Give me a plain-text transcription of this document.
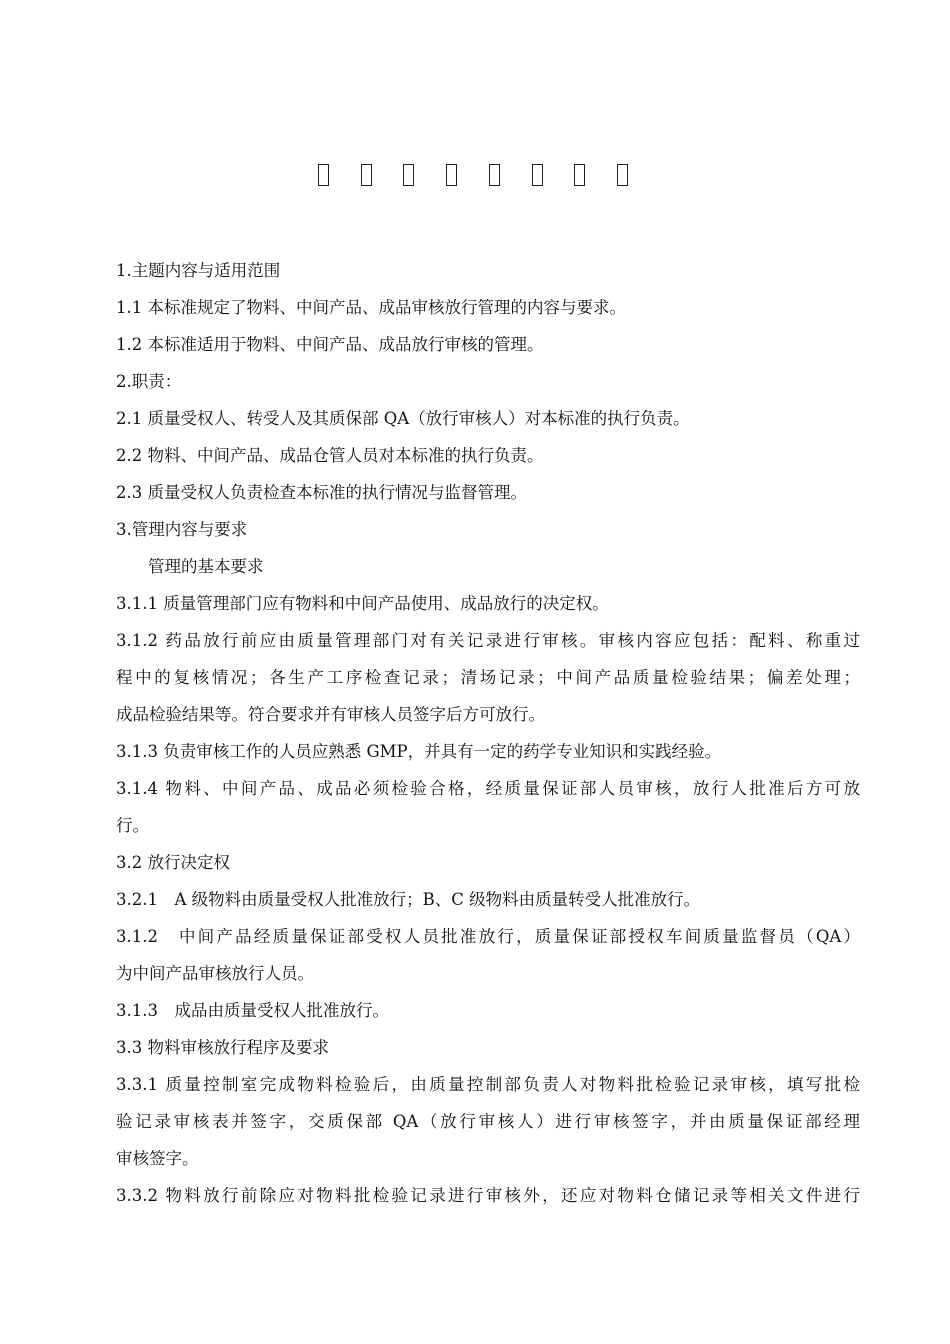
1.主题内容与适用范围
1.1 本标准规定了物料、中间产品、成品审核放行管理的内容与要求。
1.2 本标准适用于物料、中间产品、成品放行审核的管理。
2.职责：
2.1 质量受权人、转受人及其质保部 QA（放行审核人）对本标准的执行负责。
2.2 物料、中间产品、成品仓管人员对本标准的执行负责。
2.3 质量受权人负责检查本标准的执行情况与监督管理。
3.管理内容与要求
管理的基本要求
3.1.1 质量管理部门应有物料和中间产品使用、成品放行的决定权。
3.1.2 药品放行前应由质量管理部门对有关记录进行审核。审核内容应包括：配料、称重过
程中的复核情况；各生产工序检查记录；清场记录；中间产品质量检验结果；偏差处理；
成品检验结果等。符合要求并有审核人员签字后方可放行。
3.1.3 负责审核工作的人员应熟悉 GMP，并具有一定的药学专业知识和实践经验。
3.1.4 物料、中间产品、成品必须检验合格，经质量保证部人员审核，放行人批准后方可放
行。
3.2 放行决定权
3.2.1　A 级物料由质量受权人批准放行；B、C 级物料由质量转受人批准放行。
3.1.2　中间产品经质量保证部受权人员批准放行，质量保证部授权车间质量监督员（QA）
为中间产品审核放行人员。
3.1.3　成品由质量受权人批准放行。
3.3 物料审核放行程序及要求
3.3.1 质量控制室完成物料检验后，由质量控制部负责人对物料批检验记录审核，填写批检
验记录审核表并签字，交质保部 QA（放行审核人）进行审核签字，并由质量保证部经理
审核签字。
3.3.2 物料放行前除应对物料批检验记录进行审核外，还应对物料仓储记录等相关文件进行
